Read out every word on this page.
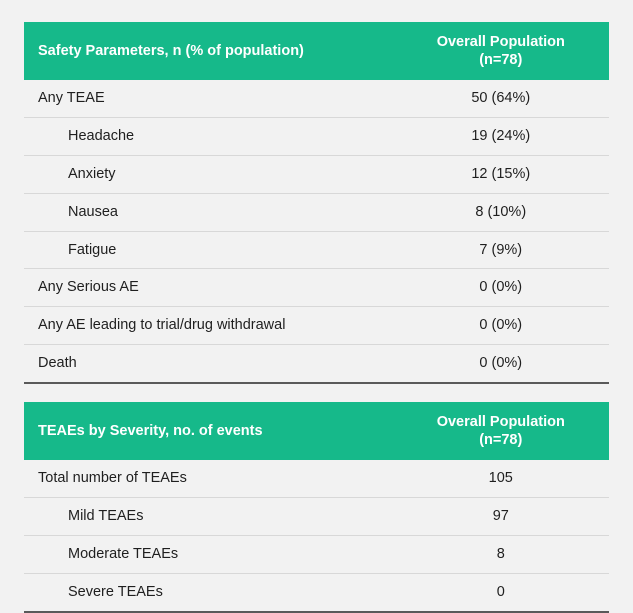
Safety Parameters, n (% of population)	Overall Population
(n=78)

Any TEAE	50 (64%)
Headache	19 (24%)
Anxiety	12 (15%)
Nausea	8 (10%)
Fatigue	7 (9%)
Any Serious AE	0 (0%)
Any AE leading to trial/drug withdrawal	0 (0%)
Death	0 (0%)
TEAEs by Severity, no. of events	Overall Population
(n=78)

Total number of TEAEs	105
Mild TEAEs	97
Moderate TEAEs	8
Severe TEAEs	0
